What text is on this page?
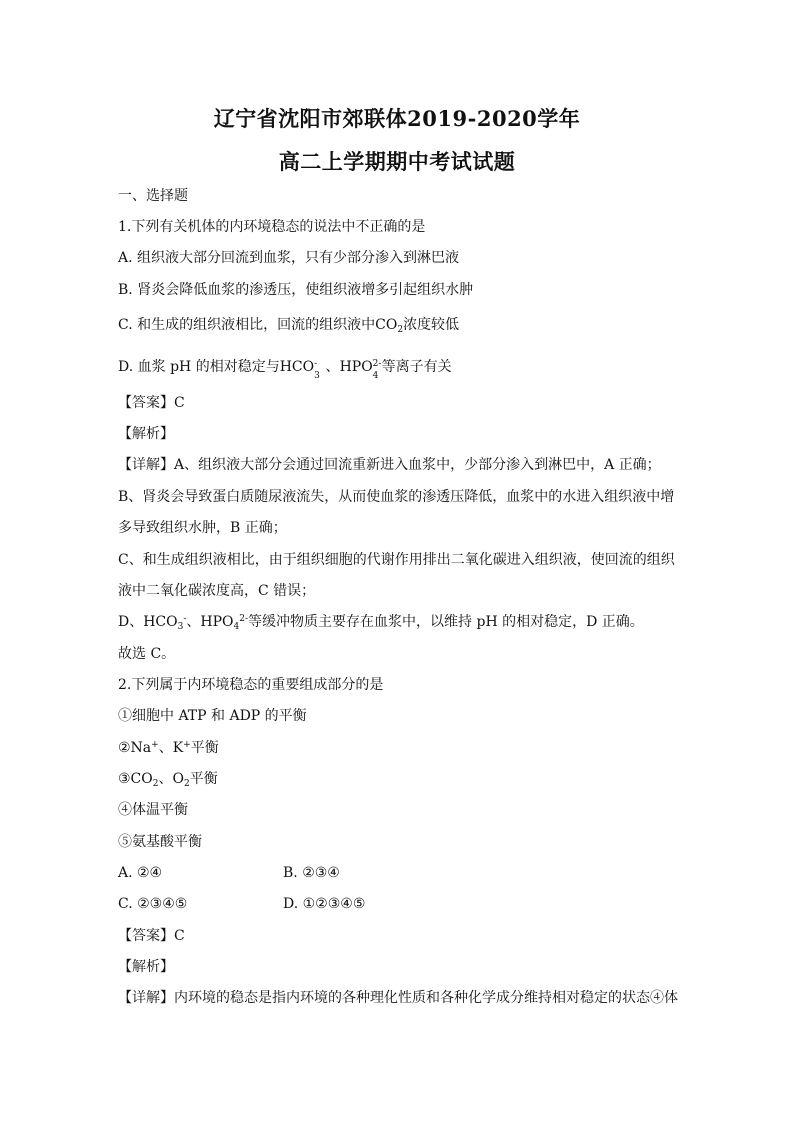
辽宁省沈阳市郊联体2019-2020学年
高二上学期期中考试试题
一、选择题
1.下列有关机体的内环境稳态的说法中不正确的是
A. 组织液大部分回流到血浆，只有少部分渗入到淋巴液
B. 肾炎会降低血浆的渗透压，使组织液增多引起组织水肿
C. 和生成的组织液相比，回流的组织液中$CO_2$浓度较低
D. 血浆 pH 的相对稳定与HCO -
3
、HPO 2-
4
等离子有关
【答案】C
【解析】
【详解】A、组织液大部分会通过回流重新进入血浆中，少部分渗入到淋巴中，A 正确；
B、肾炎会导致蛋白质随尿液流失，从而使血浆的渗透压降低，血浆中的水进入组织液中增
多导致组织水肿，B 正确；
C、和生成组织液相比，由于组织细胞的代谢作用排出二氧化碳进入组织液，使回流的组织
液中二氧化碳浓度高，C 错误；
D、$HCO_3^-$、$HPO_4^{2-}$等缓冲物质主要存在血浆中，以维持 pH 的相对稳定，D 正确。
故选 C。
2.下列属于内环境稳态的重要组成部分的是
①细胞中 ATP 和 ADP 的平衡
②Na+、K+平衡
$③CO_2$、$O_2$平衡
④体温平衡
⑤氨基酸平衡
A. ②④	B. ②③④
C. ②③④⑤	D. ①②③④⑤
【答案】C
【解析】
【详解】内环境的稳态是指内环境的各种理化性质和各种化学成分维持相对稳定的状态④体
